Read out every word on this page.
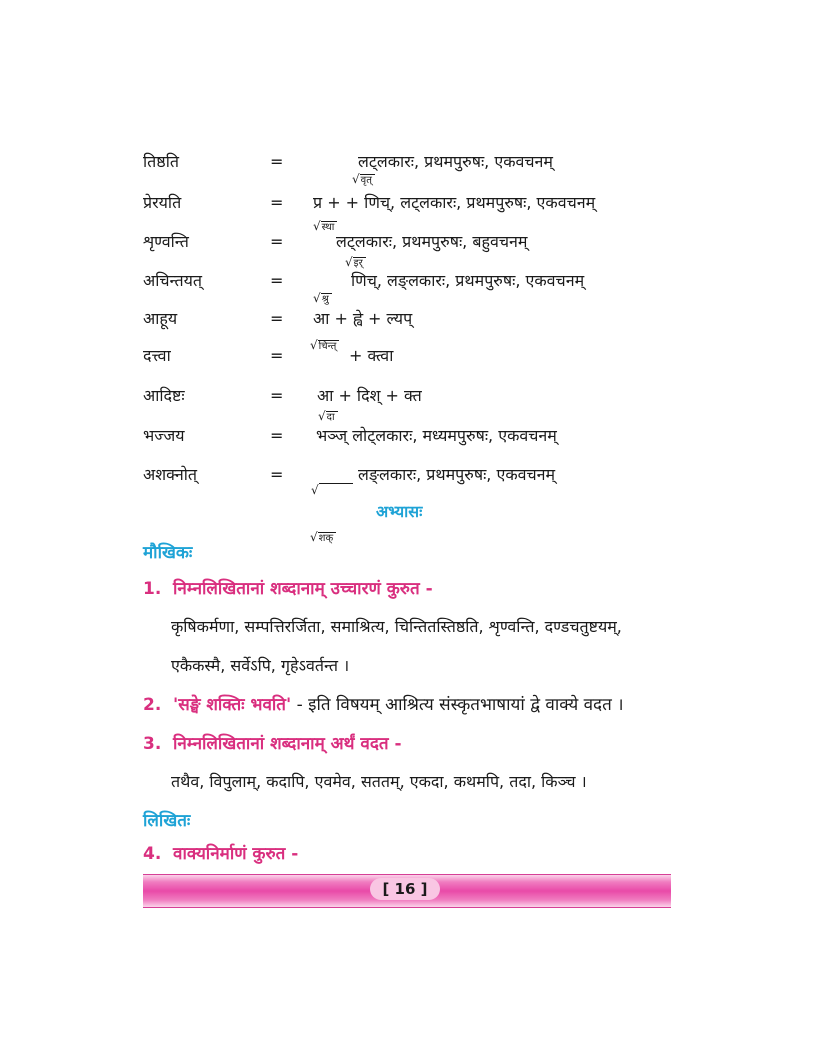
तिष्ठति	=	लट्लकारः, प्रथमपुरुषः, एकवचनम्
√वृत्
प्रेरयति	= प्र + + णिच्, लट्लकारः, प्रथमपुरुषः, एकवचनम्
√स्था
शृण्वन्ति	=	लट्लकारः, प्रथमपुरुषः, बहुवचनम्
√इर्
अचिन्तयत्	=	णिच्, लङ्लकारः, प्रथमपुरुषः, एकवचनम्
√श्रु
आहूय	= आ + ह्वे + ल्यप्
√चिन्त्
दत्त्वा	=	+ क्त्वा
आदिष्टः	= आ + दिश् + क्त
√दा
भज्जय	= भञ्ज् लोट्लकारः, मध्यमपुरुषः, एकवचनम्
अशक्नोत्	=	लङ्लकारः, प्रथमपुरुषः, एकवचनम्
√
अभ्यासः
√शक्
मौखिकः
1. निम्नलिखितानां शब्दानाम् उच्चारणं कुरुत -
कृषिकर्मणा, सम्पत्तिरर्जिता, समाश्रित्य, चिन्तितस्तिष्ठति, शृण्वन्ति, दण्डचतुष्टयम्,
एकैकस्मै, सर्वेऽपि, गृहेऽवर्तन्त ।
2. 'सङ्घे शक्तिः भवति' - इति विषयम् आश्रित्य संस्कृतभाषायां द्वे वाक्ये वदत ।
3. निम्नलिखितानां शब्दानाम् अर्थं वदत -
तथैव, विपुलाम्, कदापि, एवमेव, सततम्, एकदा, कथमपि, तदा, किञ्च ।
लिखितः
4. वाक्यनिर्माणं कुरुत -
[ 16 ]
